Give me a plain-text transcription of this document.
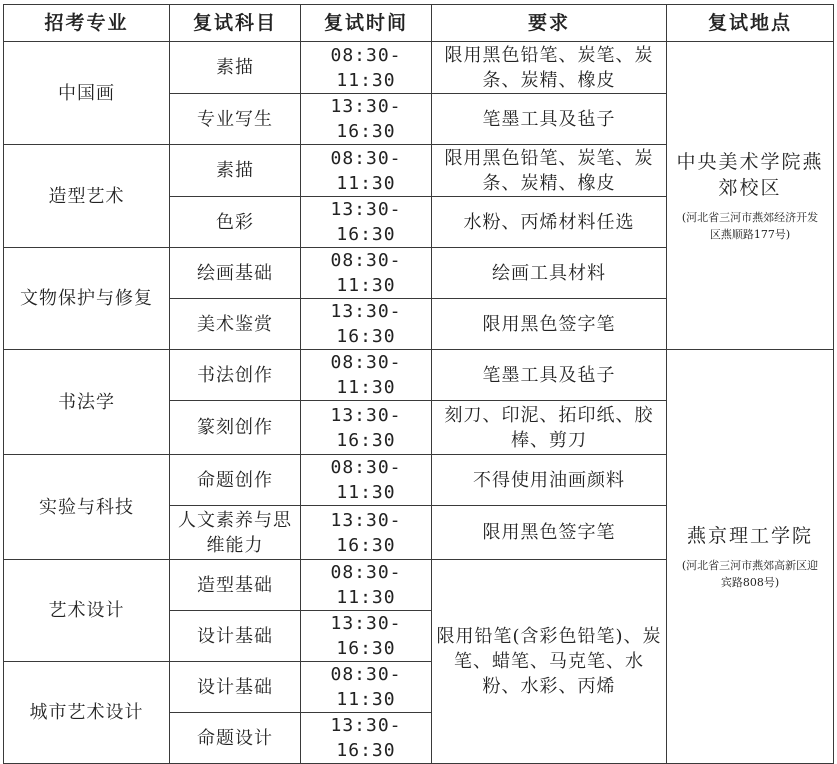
招考专业	复试科目	复试时间	要求	复试地点
中国画	素描	08:30-11:30	限用黑色铅笔、炭笔、炭条、炭精、橡皮	中央美术学院燕郊校区
(河北省三河市燕郊经济开发区燕顺路177号)

	专业写生	13:30-16:30	笔墨工具及毡子	
造型艺术	素描	08:30-11:30	限用黑色铅笔、炭笔、炭条、炭精、橡皮	
	色彩	13:30-16:30	水粉、丙烯材料任选	
文物保护与修复	绘画基础	08:30-11:30	绘画工具材料	
	美术鉴赏	13:30-16:30	限用黑色签字笔	
书法学	书法创作	08:30-11:30	笔墨工具及毡子	燕京理工学院
(河北省三河市燕郊高新区迎宾路808号)

	篆刻创作	13:30-16:30	刻刀、印泥、拓印纸、胶棒、剪刀	
实验与科技	命题创作	08:30-11:30	不得使用油画颜料	
	人文素养与思维能力	13:30-16:30	限用黑色签字笔	
艺术设计	造型基础	08:30-11:30	限用铅笔(含彩色铅笔)、炭笔、蜡笔、马克笔、水粉、水彩、丙烯	
	设计基础	13:30-16:30		
城市艺术设计	设计基础	08:30-11:30		
	命题设计	13:30-16:30		
